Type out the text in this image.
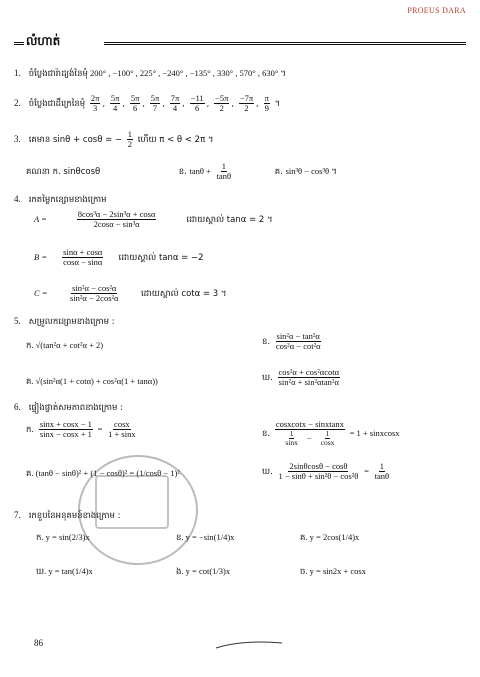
PROEUS DARA
លំហាត់
1. ចំប្លែងជារ៉ាដ្យង់នៃមុំ 200° , −100° , 225° , −240° , −135° , 330° , 570° , 630° ។
2. ចំប្លែងជាដឺក្រេនៃមុំ $\frac{2\pi}{3}$ , $\frac{5\pi}{4}$ , $\frac{5\pi}{6}$ , $\frac{5\pi}{7}$ , $\frac{7\pi}{4}$ , $\frac{-11}{6}$ , $\frac{-5\pi}{2}$ , $\frac{-7\pi}{2}$ , $\frac{\pi}{9}$ ។
3. គេមាន sinθ + cosθ = − $\frac{1}{2}$ ហើយ π < θ < 2π ។
គណនា ក. sinθcosθ	ខ. $\tan\theta + \frac{1}{\tan\theta}$	គ. sin³θ − cos³θ ។
4. រកតម្លៃកន្សោមខាងក្រោម
$A = \frac{\text{8cos³α − 2sin³α + cosα}}{\text{2cosα − sin³α}}$ ដោយស្គាល់ tanα = 2 ។
$B = \frac{\sin\alpha + \cos\alpha}{\cos\alpha - \sin\alpha}$ ដោយស្គាល់ tanα = −2
$C = \frac{\text{sin²α − cos²α}}{\text{sin²α − 2cos²α}}$ ដោយស្គាល់ cotα = 3 ។
5. សម្រួលកន្សោមខាងក្រោម :
ក. √(tan²α + cot²α + 2)	ខ. $\frac{\text{sin²α − tan²α}}{\text{cos²α − cot²α}}$
គ. √(sin²α(1 + cotα) + cos²α(1 + tanα))	ឃ. $\frac{\text{cos²α + cos²αcotα}}{\text{sin²α + sin²αtan²α}}$
6. ផ្ទៀងផ្ទាត់សមភាពខាងក្រោម :
ក. $\frac{\sin x + \cos x - 1}{\sin x - \cos x + 1} = \frac{\cos x}{1 + \sin x}$	ខ. $\frac{\text{cosxcotx − sinxtanx}}{\frac{1}{\sin x} - \frac{1}{\cos x}} = 1$ + sinxcosx
គ. (tanθ − sinθ)² + (1 − cosθ)² = (1/cosθ − 1)²	ឃ. $\frac{2\sin\theta\cos\theta - \cos\theta}{\text{1 − sinθ + sin²θ − cos²θ}} = \frac{1}{\tan\theta}$
7. រកខួបនៃអនុគមន៍ខាងក្រោម :
ក. y = sin(2/3)x	ខ. y = −sin(1/4)x	គ. y = 2cos(1/4)x
ឃ. y = tan(1/4)x	ង. y = cot(1/3)x	ច. y = sin2x + cosx
86
